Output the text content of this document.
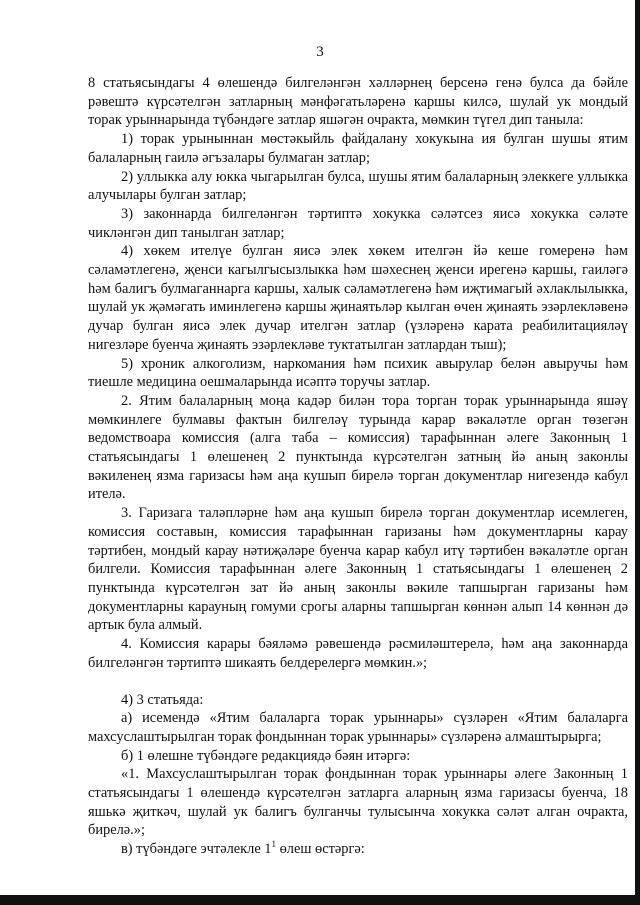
3

8 статьясындагы 4 өлешендә билгеләнгән хәлләрнең берсенә генә булса да бәйле рәвештә күрсәтелгән затларның мәнфәгатьләренә каршы килсә, шулай ук мондый торак урыннарында түбәндәге затлар яшәгән очракта, мөмкин түгел дип таныла:

1) торак урыныннан мөстәкыйль файдалану хокукына ия булган шушы ятим балаларның гаилә әгъзалары булмаган затлар;

2) уллыкка алу юкка чыгарылган булса, шушы ятим балаларның элеккеге уллыкка алучылары булган затлар;

3) законнарда билгеләнгән тәртиптә хокукка сәләтсез яисә хокукка сәләте чикләнгән дип танылган затлар;

4) хөкем ителүе булган яисә элек хөкем ителгән йә кеше гомеренә һәм сәламәтлегенә, җенси кагылгысызлыкка һәм шәхеснең җенси ирегенә каршы, гаиләгә һәм балигъ булмаганнарга каршы, халык сәламәтлегенә һәм иҗтимагый әхлаклылыкка, шулай ук җәмәгать иминлегенә каршы җинаятьләр кылган өчен җинаять эзәрлекләвенә дучар булган яисә элек дучар ителгән затлар (үзләренә карата реабилитацияләү нигезләре буенча җинаять эзәрлекләве туктатылган затлардан тыш);

5) хроник алкоголизм, наркомания һәм психик авырулар белән авыручы һәм тиешле медицина оешмаларында исәптә торучы затлар.

2. Ятим балаларның моңа кадәр билән тора торган торак урыннарында яшәү мөмкинлеге булмавы фактын билгеләү турында карар вәкаләтле орган төзегән ведомствоара комиссия (алга таба – комиссия) тарафыннан әлеге Законның 1 статьясындагы 1 өлешенең 2 пунктында күрсәтелгән затның йә аның законлы вәкиленең язма гаризасы һәм аңа кушып бирелә торган документлар нигезендә кабул ителә.

3. Гаризага таләпләрне һәм аңа кушып бирелә торган документлар исемлеген, комиссия составын, комиссия тарафыннан гаризаны һәм документларны карау тәртибен, мондый карау нәтиҗәләре буенча карар кабул итү тәртибен вәкаләтле орган билгели. Комиссия тарафыннан әлеге Законның 1 статьясындагы 1 өлешенең 2 пунктында күрсәтелгән зат йә аның законлы вәкиле тапшырган гаризаны һәм документларны карауның гомуми срогы аларны тапшырган көннән алып 14 көннән дә артык була алмый.

4. Комиссия карары бәяләмә рәвешендә рәсмиләштерелә, һәм аңа законнарда билгеләнгән тәртиптә шикаять белдерелергә мөмкин.»;

4) 3 статьяда:

а) исемендә «Ятим балаларга торак урыннары» сүзләрен «Ятим балаларга махсуслаштырылган торак фондыннан торак урыннары» сүзләренә алмаштырырга;

б) 1 өлешне түбәндәге редакциядә бәян итәргә:

«1. Махсуслаштырылган торак фондыннан торак урыннары әлеге Законның 1 статьясындагы 1 өлешендә күрсәтелгән затларга аларның язма гаризасы буенча, 18 яшькә җиткәч, шулай ук балигъ булганчы тулысынча хокукка сәләт алган очракта, бирелә.»;

в) түбәндәге эчтәлекле $1^1$ өлеш өстәргә:
